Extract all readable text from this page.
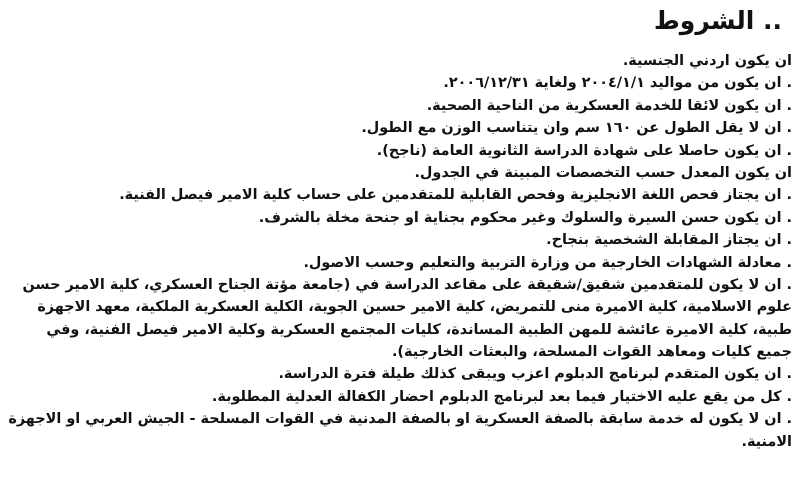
.. الشروط
ان يكون اردني الجنسية.
. ان يكون من مواليد ٢٠٠٤/١/١ ولغاية ٢٠٠٦/١٢/٣١.
. ان يكون لائقا للخدمة العسكرية من الناحية الصحية.
. ان لا يقل الطول عن ١٦٠ سم وان يتناسب الوزن مع الطول.
. ان يكون حاصلا على شهادة الدراسة الثانوية العامة (ناجح).
ان يكون المعدل حسب التخصصات المبينة في الجدول.
. ان يجتاز فحص اللغة الانجليزية وفحص القابلية للمتقدمين على حساب كلية الامير فيصل الفنية.
. ان يكون حسن السيرة والسلوك وغير محكوم بجناية او جنحة مخلة بالشرف.
. ان يجتاز المقابلة الشخصية بنجاح.
. معادلة الشهادات الخارجية من وزارة التربية والتعليم وحسب الاصول.
. ان لا يكون للمتقدمين شقيق/شقيقة على مقاعد الدراسة في (جامعة مؤتة الجناح العسكري، كلية الامير حسن
علوم الاسلامية، كلية الاميرة منى للتمريض، كلية الامير حسين الجوية، الكلية العسكرية الملكية، معهد الاجهزة
طبية، كلية الاميرة عائشة للمهن الطبية المساندة، كليات المجتمع العسكرية وكلية الامير فيصل الفنية، وفي
جميع كليات ومعاهد القوات المسلحة، والبعثات الخارجية).
. ان يكون المتقدم لبرنامج الدبلوم اعزب ويبقى كذلك طيلة فترة الدراسة.
. كل من يقع عليه الاختيار فيما بعد لبرنامج الدبلوم احضار الكفالة العدلية المطلوبة.
. ان لا يكون له خدمة سابقة بالصفة العسكرية او بالصفة المدنية في القوات المسلحة - الجيش العربي او الاجهزة
الامنية.
